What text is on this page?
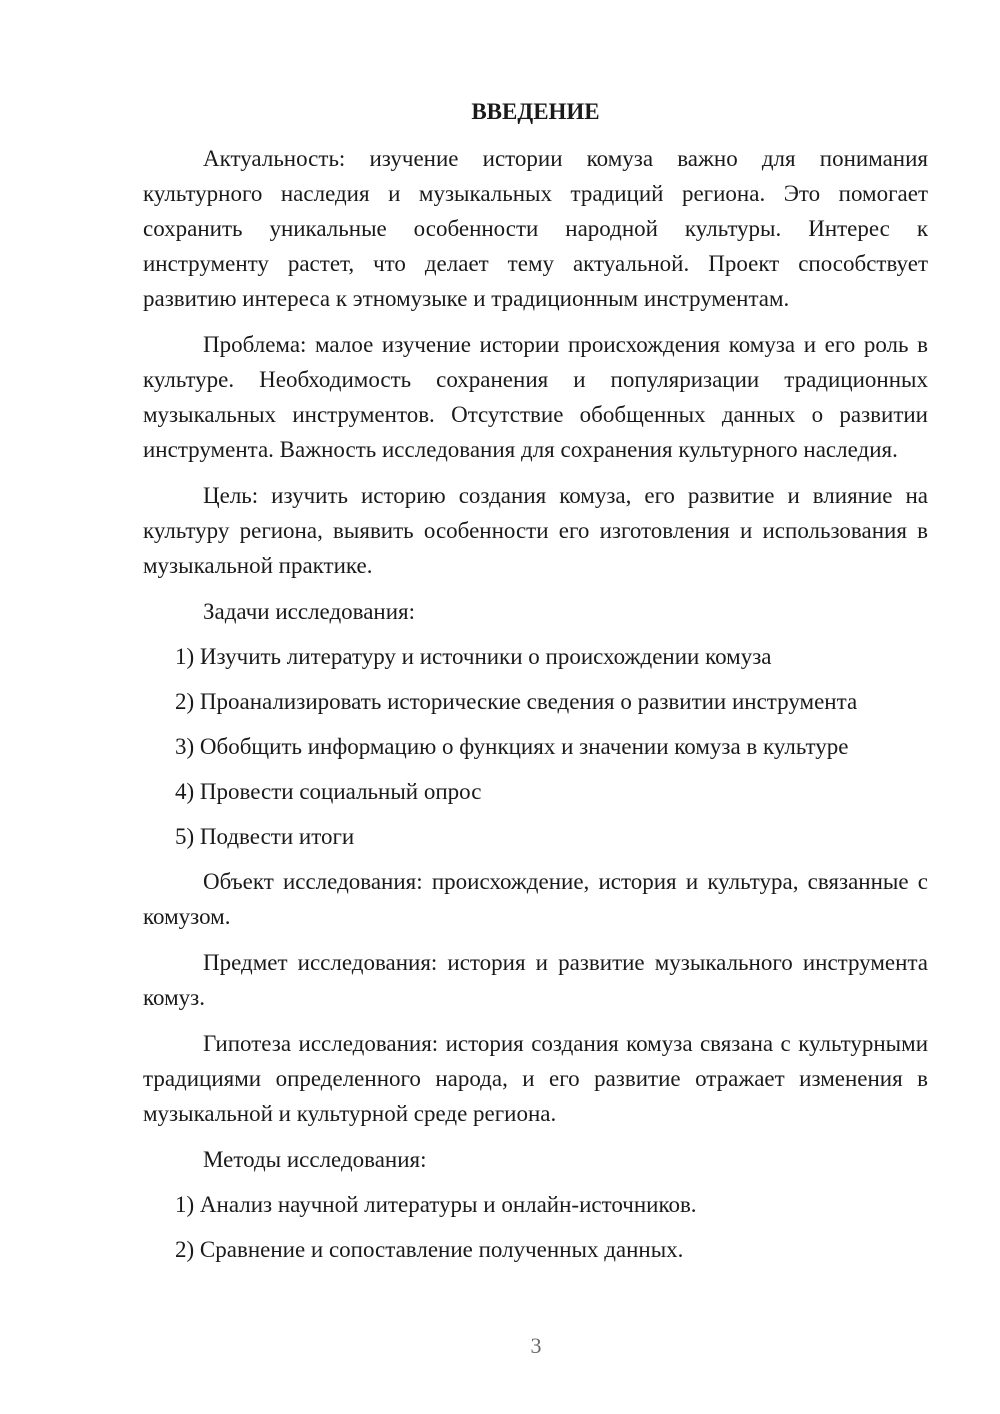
ВВЕДЕНИЕ

Актуальность: изучение истории комуза важно для понимания культурного наследия и музыкальных традиций региона. Это помогает сохранить уникальные особенности народной культуры. Интерес к инструменту растет, что делает тему актуальной. Проект способствует развитию интереса к этномузыке и традиционным инструментам.

Проблема: малое изучение истории происхождения комуза и его роль в культуре. Необходимость сохранения и популяризации традиционных музыкальных инструментов. Отсутствие обобщенных данных о развитии инструмента. Важность исследования для сохранения культурного наследия.

Цель: изучить историю создания комуза, его развитие и влияние на культуру региона, выявить особенности его изготовления и использования в музыкальной практике.

Задачи исследования:

1) Изучить литературу и источники о происхождении комуза
2) Проанализировать исторические сведения о развитии инструмента
3) Обобщить информацию о функциях и значении комуза в культуре
4) Провести социальный опрос
5) Подвести итоги

Объект исследования: происхождение, история и культура, связанные с комузом.

Предмет исследования: история и развитие музыкального инструмента комуз.

Гипотеза исследования: история создания комуза связана с культурными традициями определенного народа, и его развитие отражает изменения в музыкальной и культурной среде региона.

Методы исследования:

1) Анализ научной литературы и онлайн-источников.
2) Сравнение и сопоставление полученных данных.
3
